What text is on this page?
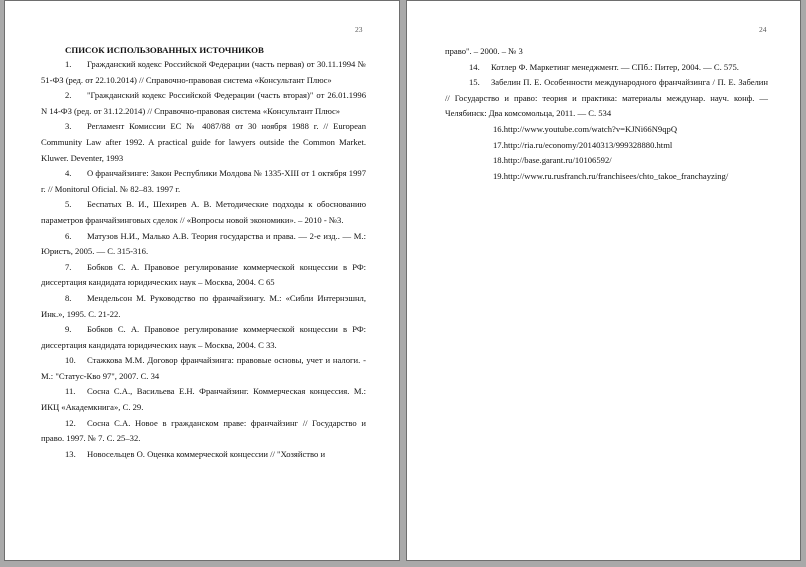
23
СПИСОК ИСПОЛЬЗОВАННЫХ ИСТОЧНИКОВ

1. Гражданский кодекс Российской Федерации (часть первая) от 30.11.1994 № 51-ФЗ (ред. от 22.10.2014) // Справочно-правовая система «Консультант Плюс»

2. "Гражданский кодекс Российской Федерации (часть вторая)" от 26.01.1996 N 14-ФЗ (ред. от 31.12.2014) // Справочно-правовая система «Консультант Плюс»

3. Регламент Комиссии ЕС № 4087/88 от 30 ноября 1988 г. // European Community Law after 1992. A practical guide for lawyers outside the Common Market. Kluwer. Deventer, 1993

4. О франчайзинге: Закон Республики Молдова № 1335-XIII от 1 октября 1997 г. // Monitorul Oficial. № 82–83. 1997 г.

5. Беспатых В. И., Шехирев А. В. Методические подходы к обоснованию параметров франчайзинговых сделок // «Вопросы новой экономики». – 2010 - №3.

6. Матузов Н.И., Малько А.В. Теория государства и права. — 2-е изд.. — М.: Юристъ, 2005. — С. 315-316.

7. Бобков С. А. Правовое регулирование коммерческой концессии в РФ: диссертация кандидата юридических наук – Москва, 2004. С 65

8. Мендельсон М. Руководство по франчайзингу. М.: «Сибли Интернэшнл, Инк.», 1995. С. 21-22.

9. Бобков С. А. Правовое регулирование коммерческой концессии в РФ: диссертация кандидата юридических наук – Москва, 2004. С 33.

10. Стажкова М.М. Договор франчайзинга: правовые основы, учет и налоги. - М.: "Статус-Кво 97", 2007. С. 34

11. Сосна С.А., Васильева Е.Н. Франчайзинг. Коммерческая концессия. М.: ИКЦ «Академкнига», С. 29.

12. Сосна С.А. Новое в гражданском праве: франчайзинг // Государство и право. 1997. № 7. С. 25–32.

13. Новосельцев О. Оценка коммерческой концессии // "Хозяйство и

24

право". – 2000. – № 3

14. Котлер Ф. Маркетинг менеджмент. — СПб.: Питер, 2004. — С. 575.

15. Забелин П. Е. Особенности международного франчайзинга / П. Е. Забелин // Государство и право: теория и практика: материалы междунар. науч. конф. — Челябинск: Два комсомольца, 2011. — С. 534

16.http://www.youtube.com/watch?v=KJNi66N9qpQ

17.http://ria.ru/economy/20140313/999328880.html

18.http://base.garant.ru/10106592/

19.http://www.ru.rusfranch.ru/franchisees/chto_takoe_franchayzing/
